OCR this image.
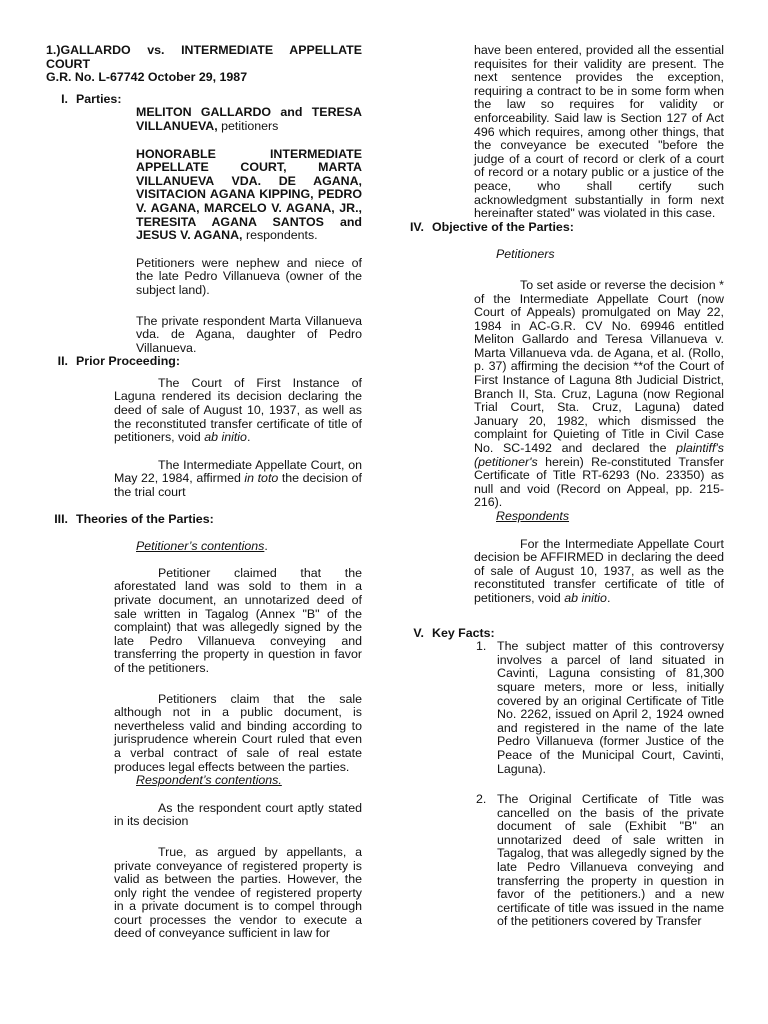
1.)GALLARDO vs. INTERMEDIATE APPELLATE COURT

G.R. No. L-67742 October 29, 1987

I. Parties:

MELITON GALLARDO and TERESA VILLANUEVA, petitioners

HONORABLE INTERMEDIATE APPELLATE COURT, MARTA VILLANUEVA VDA. DE AGANA, VISITACION AGANA KIPPING, PEDRO V. AGANA, MARCELO V. AGANA, JR., TERESITA AGANA SANTOS and JESUS V. AGANA, respondents.

Petitioners were nephew and niece of the late Pedro Villanueva (owner of the subject land).

The private respondent Marta Villanueva vda. de Agana, daughter of Pedro Villanueva.

II. Prior Proceeding:

The Court of First Instance of Laguna rendered its decision declaring the deed of sale of August 10, 1937, as well as the reconstituted transfer certificate of title of petitioners, void ab initio.

The Intermediate Appellate Court, on May 22, 1984, affirmed in toto the decision of the trial court

III. Theories of the Parties:

Petitioner’s contentions.

Petitioner claimed that the aforestated land was sold to them in a private document, an unnotarized deed of sale written in Tagalog (Annex "B" of the complaint) that was allegedly signed by the late Pedro Villanueva conveying and transferring the property in question in favor of the petitioners.

Petitioners claim that the sale although not in a public document, is nevertheless valid and binding according to jurisprudence wherein Court ruled that even a verbal contract of sale of real estate produces legal effects between the parties.

Respondent’s contentions.

As the respondent court aptly stated in its decision

True, as argued by appellants, a private conveyance of registered property is valid as between the parties. However, the only right the vendee of registered property in a private document is to compel through court processes the vendor to execute a deed of conveyance sufficient in law for

have been entered, provided all the essential requisites for their validity are present. The next sentence provides the exception, requiring a contract to be in some form when the law so requires for validity or enforceability. Said law is Section 127 of Act 496 which requires, among other things, that the conveyance be executed "before the judge of a court of record or clerk of a court of record or a notary public or a justice of the peace, who shall certify such acknowledgment substantially in form next hereinafter stated" was violated in this case.

IV. Objective of the Parties:

Petitioners

To set aside or reverse the decision * of the Intermediate Appellate Court (now Court of Appeals) promulgated on May 22, 1984 in AC-G.R. CV No. 69946 entitled Meliton Gallardo and Teresa Villanueva v. Marta Villanueva vda. de Agana, et al. (Rollo, p. 37) affirming the decision **of the Court of First Instance of Laguna 8th Judicial District, Branch II, Sta. Cruz, Laguna (now Regional Trial Court, Sta. Cruz, Laguna) dated January 20, 1982, which dismissed the complaint for Quieting of Title in Civil Case No. SC-1492 and declared the plaintiff's (petitioner's herein) Re-constituted Transfer Certificate of Title RT-6293 (No. 23350) as null and void (Record on Appeal, pp. 215-216).

Respondents

For the Intermediate Appellate Court decision be AFFIRMED in declaring the deed of sale of August 10, 1937, as well as the reconstituted transfer certificate of title of petitioners, void ab initio.

V. Key Facts:
1. The subject matter of this controversy involves a parcel of land situated in Cavinti, Laguna consisting of 81,300 square meters, more or less, initially covered by an original Certificate of Title No. 2262, issued on April 2, 1924 owned and registered in the name of the late Pedro Villanueva (former Justice of the Peace of the Municipal Court, Cavinti, Laguna).
2. The Original Certificate of Title was cancelled on the basis of the private document of sale (Exhibit "B" an unnotarized deed of sale written in Tagalog, that was allegedly signed by the late Pedro Villanueva conveying and transferring the property in question in favor of the petitioners.) and a new certificate of title was issued in the name of the petitioners covered by Transfer
